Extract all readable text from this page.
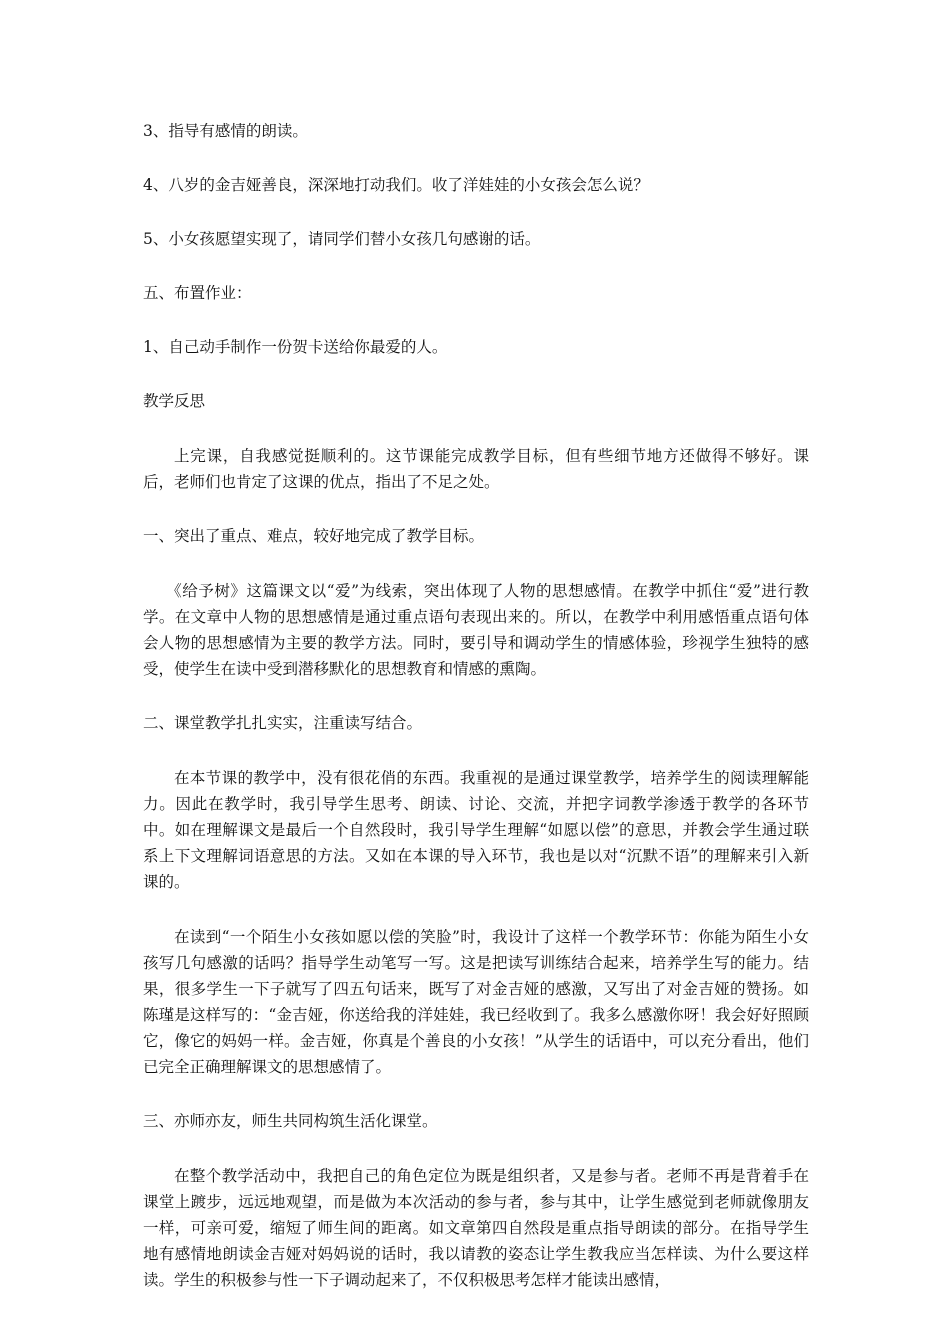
3、指导有感情的朗读。

4、八岁的金吉娅善良，深深地打动我们。收了洋娃娃的小女孩会怎么说？

5、小女孩愿望实现了，请同学们替小女孩几句感谢的话。

五、布置作业：

1、自己动手制作一份贺卡送给你最爱的人。

教学反思

上完课，自我感觉挺顺利的。这节课能完成教学目标，但有些细节地方还做得不够好。课后，老师们也肯定了这课的优点，指出了不足之处。

一、突出了重点、难点，较好地完成了教学目标。

《给予树》这篇课文以“爱”为线索，突出体现了人物的思想感情。在教学中抓住“爱”进行教学。在文章中人物的思想感情是通过重点语句表现出来的。所以，在教学中利用感悟重点语句体会人物的思想感情为主要的教学方法。同时，要引导和调动学生的情感体验，珍视学生独特的感受，使学生在读中受到潜移默化的思想教育和情感的熏陶。

二、课堂教学扎扎实实，注重读写结合。

在本节课的教学中，没有很花俏的东西。我重视的是通过课堂教学，培养学生的阅读理解能力。因此在教学时，我引导学生思考、朗读、讨论、交流，并把字词教学渗透于教学的各环节中。如在理解课文是最后一个自然段时，我引导学生理解“如愿以偿”的意思，并教会学生通过联系上下文理解词语意思的方法。又如在本课的导入环节，我也是以对“沉默不语”的理解来引入新课的。

在读到“一个陌生小女孩如愿以偿的笑脸”时，我设计了这样一个教学环节：你能为陌生小女孩写几句感激的话吗？指导学生动笔写一写。这是把读写训练结合起来，培养学生写的能力。结果，很多学生一下子就写了四五句话来，既写了对金吉娅的感激，又写出了对金吉娅的赞扬。如陈瑾是这样写的：“金吉娅，你送给我的洋娃娃，我已经收到了。我多么感激你呀！我会好好照顾它，像它的妈妈一样。金吉娅，你真是个善良的小女孩！”从学生的话语中，可以充分看出，他们已完全正确理解课文的思想感情了。

三、亦师亦友，师生共同构筑生活化课堂。

在整个教学活动中，我把自己的角色定位为既是组织者，又是参与者。老师不再是背着手在课堂上踱步，远远地观望，而是做为本次活动的参与者，参与其中，让学生感觉到老师就像朋友一样，可亲可爱，缩短了师生间的距离。如文章第四自然段是重点指导朗读的部分。在指导学生地有感情地朗读金吉娅对妈妈说的话时，我以请教的姿态让学生教我应当怎样读、为什么要这样读。学生的积极参与性一下子调动起来了，不仅积极思考怎样才能读出感情，
